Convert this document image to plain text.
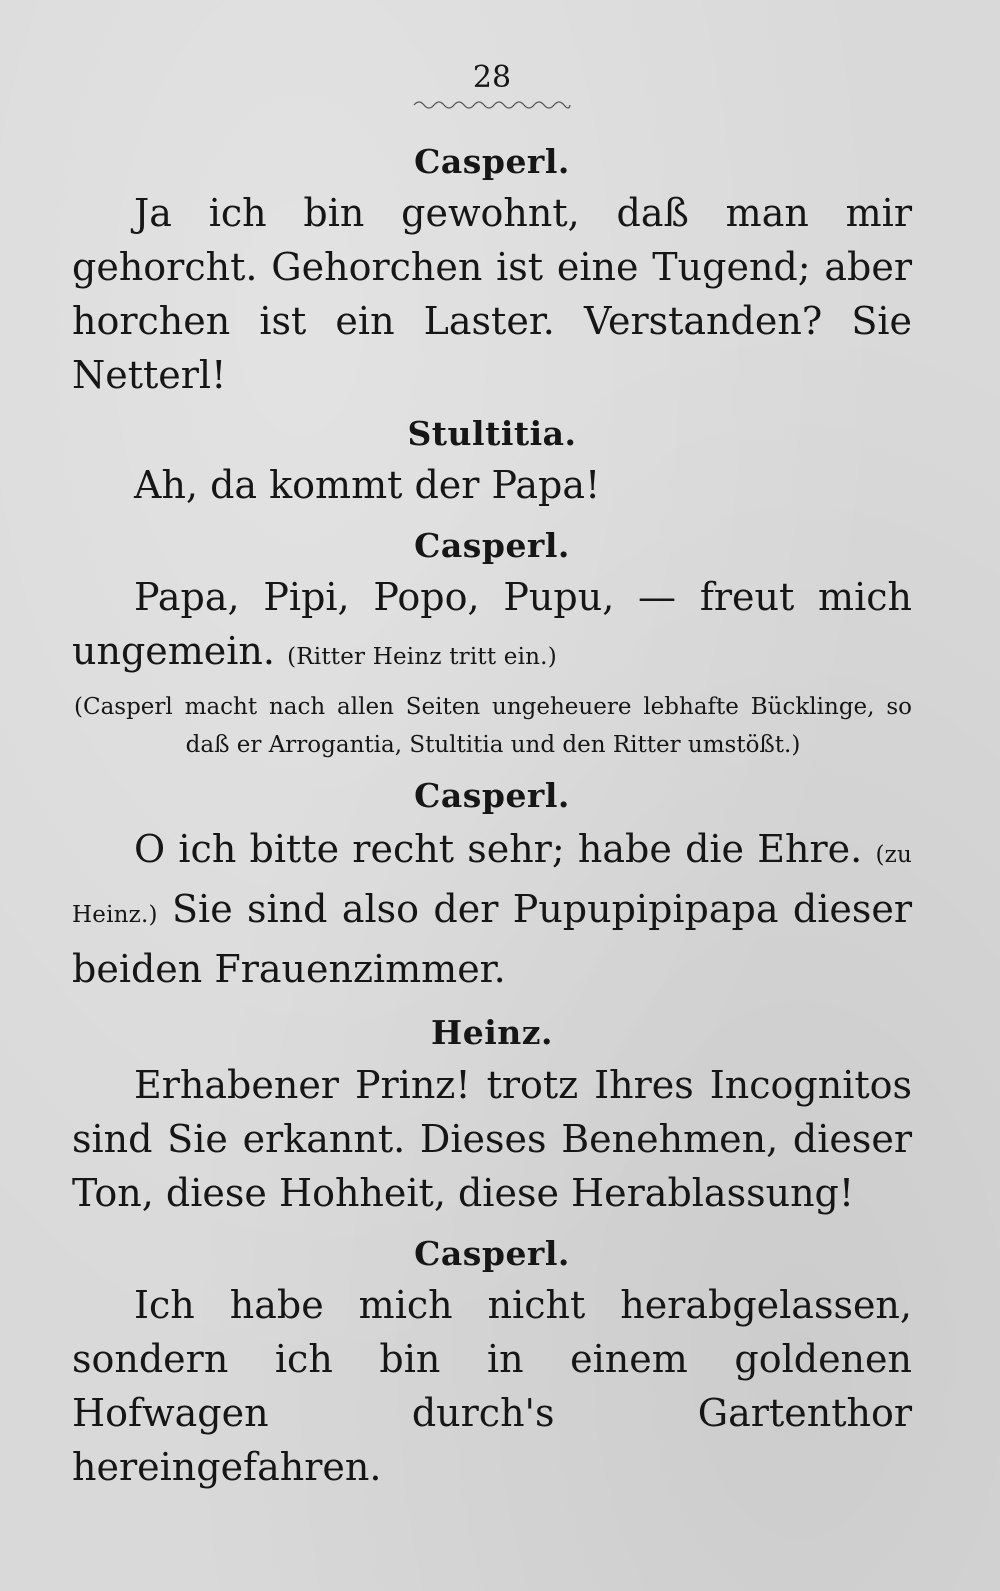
28

Casperl.

Ja ich bin gewohnt, daß man mir gehorcht. Gehorchen ist eine Tugend; aber horchen ist ein Laster. Verstanden? Sie Netterl!

Stultitia.

Ah, da kommt der Papa!

Casperl.

Papa, Pipi, Popo, Pupu, — freut mich ungemein. (Ritter Heinz tritt ein.)

(Casperl macht nach allen Seiten ungeheuere lebhafte Bücklinge, so daß er Arrogantia, Stultitia und den Ritter umstößt.)

Casperl.

O ich bitte recht sehr; habe die Ehre. (zu Heinz.) Sie sind also der Pupupipipapa dieser beiden Frauenzimmer.

Heinz.

Erhabener Prinz! trotz Ihres Incognitos sind Sie erkannt. Dieses Benehmen, dieser Ton, diese Hohheit, diese Herablassung!

Casperl.

Ich habe mich nicht herabgelassen, sondern ich bin in einem goldenen Hofwagen durch's Gartenthor hereingefahren.
